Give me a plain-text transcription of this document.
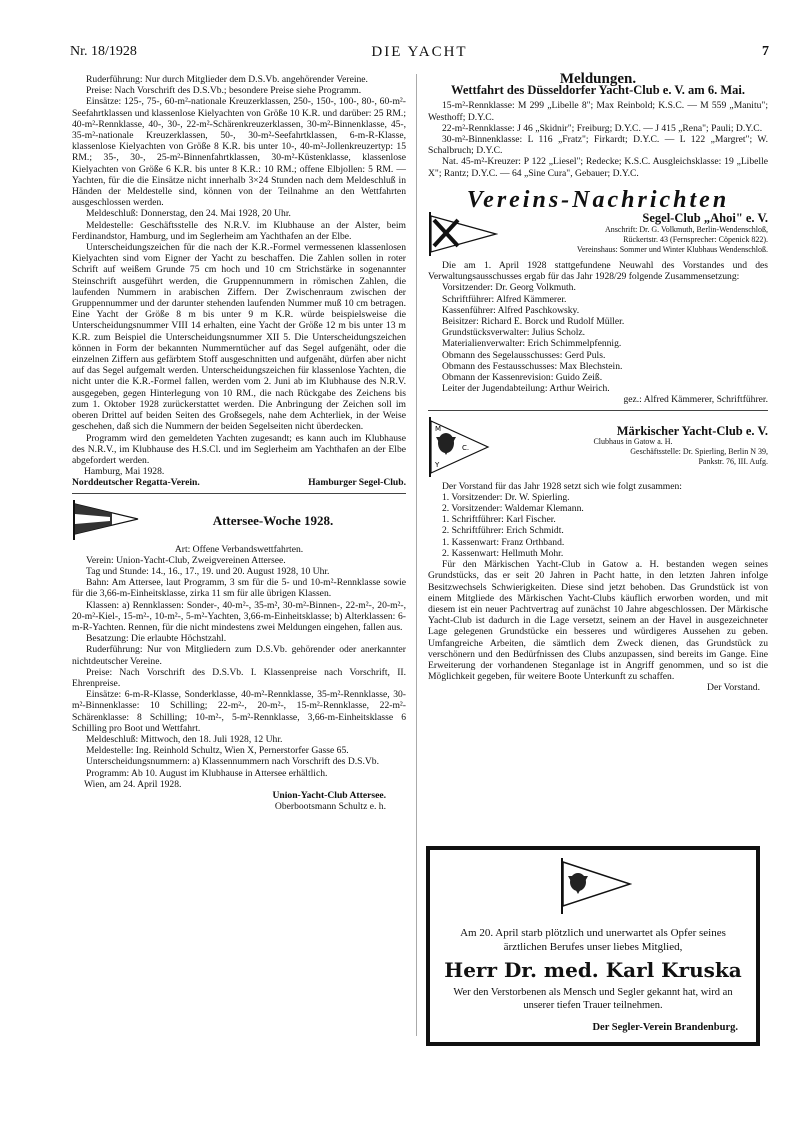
Nr. 18/1928	DIE YACHT	7

Ruderführung: Nur durch Mitglieder dem D.S.Vb. angehörender Vereine.

Preise: Nach Vorschrift des D.S.Vb.; besondere Preise siehe Programm.

Einsätze: 125-, 75-, 60-m²-nationale Kreuzerklassen, 250-, 150-, 100-, 80-, 60-m²-Seefahrtklassen und klassenlose Kielyachten von Größe 10 K.R. und darüber: 25 RM.; 40-m²-Rennklasse, 40-, 30-, 22-m²-Schärenkreuzerklassen, 30-m²-Binnenklasse, 45-, 35-m²-nationale Kreuzerklassen, 50-, 30-m²-Seefahrtklassen, 6-m-R-Klasse, klassenlose Kielyachten von Größe 8 K.R. bis unter 10-, 40-m²-Jollenkreuzertyp: 15 RM.; 35-, 30-, 25-m²-Binnenfahrtklassen, 30-m²-Küstenklasse, klassenlose Kielyachten von Größe 6 K.R. bis unter 8 K.R.: 10 RM.; offene Elbjollen: 5 RM. — Yachten, für die die Einsätze nicht innerhalb 3×24 Stunden nach dem Meldeschluß in Händen der Meldestelle sind, können von der Teilnahme an den Wettfahrten ausgeschlossen werden.

Meldeschluß: Donnerstag, den 24. Mai 1928, 20 Uhr.

Meldestelle: Geschäftsstelle des N.R.V. im Klubhause an der Alster, beim Ferdinandstor, Hamburg, und im Seglerheim am Yachthafen an der Elbe.

Unterscheidungszeichen für die nach der K.R.-Formel vermessenen klassenlosen Kielyachten sind vom Eigner der Yacht zu beschaffen. Die Zahlen sollen in roter Schrift auf weißem Grunde 75 cm hoch und 10 cm Strichstärke in sogenannter Steinschrift ausgeführt werden, die Gruppennummern in römischen Zahlen, die laufenden Nummern in arabischen Ziffern. Der Zwischenraum zwischen der Gruppennummer und der darunter stehenden laufenden Nummer muß 10 cm betragen. Eine Yacht der Größe 8 m bis unter 9 m K.R. würde beispielsweise die Unterscheidungsnummer VIII 14 erhalten, eine Yacht der Größe 12 m bis unter 13 m K.R. zum Beispiel die Unterscheidungsnummer XII 5. Die Unterscheidungszeichen können in Form der bekannten Nummerntücher auf das Segel aufgenäht, oder die einzelnen Ziffern aus gefärbtem Stoff ausgeschnitten und aufgenäht, dürfen aber nicht auf das Segel aufgemalt werden. Unterscheidungszeichen für klassenlose Yachten, die nicht unter die K.R.-Formel fallen, werden vom 2. Juni ab im Klubhause des N.R.V. ausgegeben, gegen Hinterlegung von 10 RM., die nach Rückgabe des Zeichens bis zum 1. Oktober 1928 zurückerstattet werden. Die Anbringung der Zeichen soll im oberen Drittel auf beiden Seiten des Großsegels, nahe dem Achterliek, in der Weise geschehen, daß sich die Nummern der beiden Segelseiten nicht überdecken.

Programm wird den gemeldeten Yachten zugesandt; es kann auch im Klubhause des N.R.V., im Klubhause des H.S.Cl. und im Seglerheim am Yachthafen an der Elbe abgefordert werden.

Hamburg, Mai 1928.

Norddeutscher Regatta-Verein.	Hamburger Segel-Club.
Attersee-Woche 1928.

Art: Offene Verbandswettfahrten.

Verein: Union-Yacht-Club, Zweigvereinen Attersee.

Tag und Stunde: 14., 16., 17., 19. und 20. August 1928, 10 Uhr.

Bahn: Am Attersee, laut Programm, 3 sm für die 5- und 10-m²-Rennklasse sowie für die 3,66-m-Einheitsklasse, zirka 11 sm für alle übrigen Klassen.

Klassen: a) Rennklassen: Sonder-, 40-m²-, 35-m², 30-m²-Binnen-, 22-m²-, 20-m²-, 20-m²-Kiel-, 15-m²-, 10-m²-, 5-m²-Yachten, 3,66-m-Einheitsklasse; b) Alterklassen: 6-m-R-Yachten. Rennen, für die nicht mindestens zwei Meldungen eingehen, fallen aus.

Besatzung: Die erlaubte Höchstzahl.

Ruderführung: Nur von Mitgliedern zum D.S.Vb. gehörender oder anerkannter nichtdeutscher Vereine.

Preise: Nach Vorschrift des D.S.Vb. I. Klassenpreise nach Vorschrift, II. Ehrenpreise.

Einsätze: 6-m-R-Klasse, Sonderklasse, 40-m²-Rennklasse, 35-m²-Rennklasse, 30-m²-Binnenklasse: 10 Schilling; 22-m²-, 20-m²-, 15-m²-Rennklasse, 22-m²-Schärenklasse: 8 Schilling; 10-m²-, 5-m²-Rennklasse, 3,66-m-Einheitsklasse 6 Schilling pro Boot und Wettfahrt.

Meldeschluß: Mittwoch, den 18. Juli 1928, 12 Uhr.

Meldestelle: Ing. Reinhold Schultz, Wien X, Pernerstorfer Gasse 65.

Unterscheidungsnummern: a) Klassennummern nach Vorschrift des D.S.Vb.

Programm: Ab 10. August im Klubhause in Attersee erhältlich.

Wien, am 24. April 1928.

Union-Yacht-Club Attersee.

Oberbootsmann Schultz e. h.

Meldungen.
Wettfahrt des Düsseldorfer Yacht-Club e. V. am 6. Mai.

15-m²-Rennklasse: M 299 „Libelle 8"; Max Reinbold; K.S.C. — M 559 „Manitu"; Westhoff; D.Y.C.

22-m²-Rennklasse: J 46 „Skidnir"; Freiburg; D.Y.C. — J 415 „Rena"; Pauli; D.Y.C.

30-m²-Binnenklasse: L 116 „Fratz"; Firkardt; D.Y.C. — L 122 „Margret"; W. Schalbruch; D.Y.C.

Nat. 45-m²-Kreuzer: P 122 „Liesel"; Redecke; K.S.C. Ausgleichsklasse: 19 „Libelle X"; Rantz; D.Y.C. — 64 „Sine Cura", Gebauer; D.Y.C.

Vereins-Nachrichten
Segel-Club „Ahoi" e. V.
Anschrift: Dr. G. Volkmuth, Berlin-Wendenschloß,
Rückertstr. 43 (Fernsprecher: Cöpenick 822).
Vereinshaus: Sommer und Winter Klubhaus Wendenschloß.

Die am 1. April 1928 stattgefundene Neuwahl des Vorstandes und des Verwaltungsausschusses ergab für das Jahr 1928/29 folgende Zusammensetzung:

Vorsitzender: Dr. Georg Volkmuth.
Schriftführer: Alfred Kämmerer.
Kassenführer: Alfred Paschkowsky.
Beisitzer: Richard E. Borck und Rudolf Müller.
Grundstücksverwalter: Julius Scholz.
Materialienverwalter: Erich Schimmelpfennig.
Obmann des Segelausschusses: Gerd Puls.
Obmann des Festausschusses: Max Blechstein.
Obmann der Kassenrevision: Guido Zeiß.
Leiter der Jugendabteilung: Arthur Weirich.

gez.: Alfred Kämmerer, Schriftführer.

M
C.
Y
Märkischer Yacht-Club e. V.
Clubhaus in Gatow a. H.
Geschäftsstelle: Dr. Spierling, Berlin N 39,
Pankstr. 76, III. Aufg.

Der Vorstand für das Jahr 1928 setzt sich wie folgt zusammen:

1. Vorsitzender: Dr. W. Spierling.
2. Vorsitzender: Waldemar Klemann.
1. Schriftführer: Karl Fischer.
2. Schriftführer: Erich Schmidt.
1. Kassenwart: Franz Orthband.
2. Kassenwart: Hellmuth Mohr.

Für den Märkischen Yacht-Club in Gatow a. H. bestanden wegen seines Grundstücks, das er seit 20 Jahren in Pacht hatte, in den letzten Jahren infolge Besitzwechsels Schwierigkeiten. Diese sind jetzt behoben. Das Grundstück ist von einem Mitgliede des Märkischen Yacht-Clubs käuflich erworben worden, und mit diesem ist ein neuer Pachtvertrag auf zunächst 10 Jahre abgeschlossen. Der Märkische Yacht-Club ist dadurch in die Lage versetzt, seinem an der Havel in ausgezeichneter Lage gelegenen Grundstücke ein besseres und würdigeres Aussehen zu geben. Umfangreiche Arbeiten, die sämtlich dem Zweck dienen, das Grundstück zu verschönern und den Bedürfnissen des Clubs anzupassen, sind bereits im Gange. Eine Erweiterung der vorhandenen Steganlage ist in Angriff genommen, und so ist die Möglichkeit gegeben, für weitere Boote Unterkunft zu schaffen.

Der Vorstand.

Am 20. April starb plötzlich und unerwartet als Opfer seines ärztlichen Berufes unser liebes Mitglied,
Herr Dr. med. Karl Kruska
Wer den Verstorbenen als Mensch und Segler gekannt hat, wird an unserer tiefen Trauer teilnehmen.
Der Segler-Verein Brandenburg.
